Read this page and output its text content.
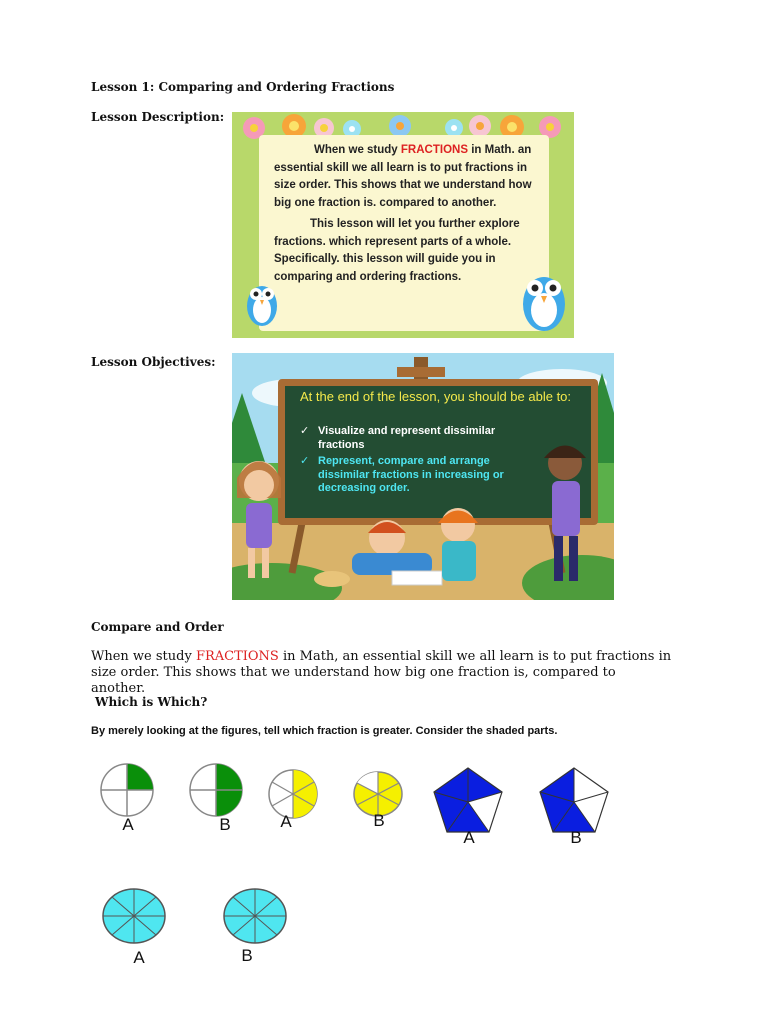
Lesson 1: Comparing and Ordering Fractions
Lesson Description:
When we study FRACTIONS in Math. an essential skill we all learn is to put fractions in size order. This shows that we understand how big one fraction is. compared to another.
This lesson will let you further explore fractions. which represent parts of a whole. Specifically. this lesson will guide you in comparing and ordering fractions.
Lesson Objectives:
At the end of the lesson, you should be able to:
✓ Visualize and represent dissimilar fractions
✓ Represent, compare and arrange dissimilar fractions in increasing or decreasing order.
Compare and Order
When we study FRACTIONS in Math, an essential skill we all learn is to put fractions in size order. This shows that we understand how big one fraction is, compared to another.
Which is Which?
By merely looking at the figures, tell which fraction is greater. Consider the shaded parts.
A	B	A	B
A	B
A	B
